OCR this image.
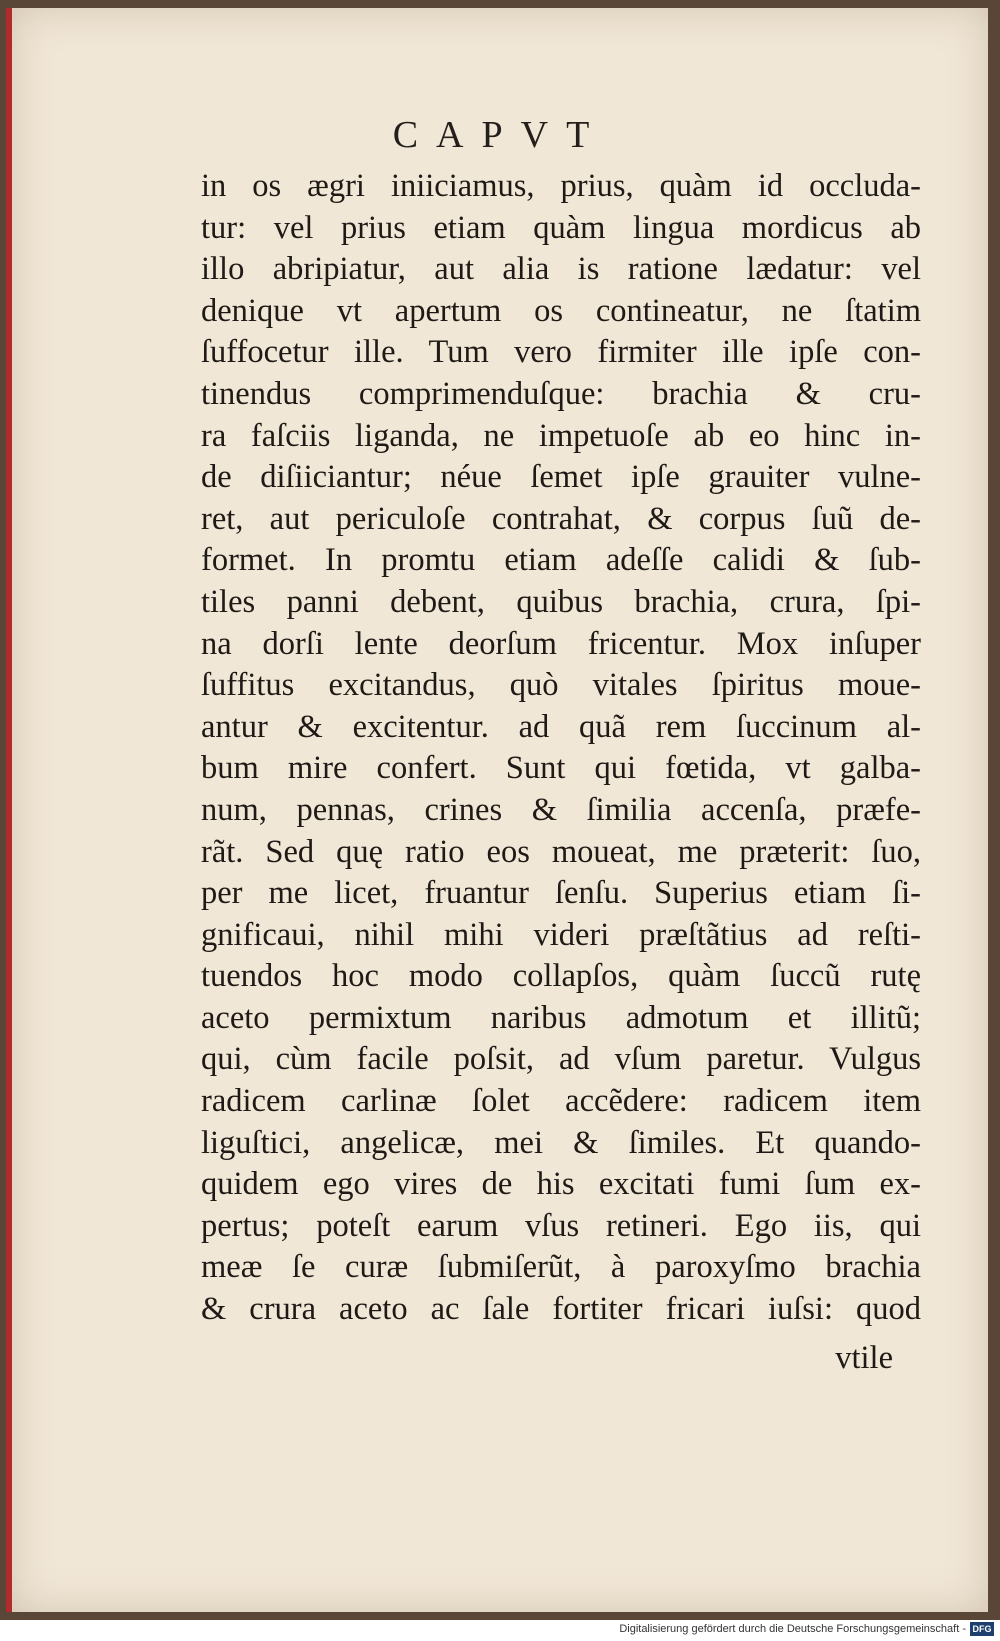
CAPVT
in os ægri iniiciamus, prius, quàm id occluda-
tur: vel prius etiam quàm lingua mordicus ab
illo abripiatur, aut alia is ratione lædatur: vel
denique vt apertum os contineatur, ne ſtatim
ſuffocetur ille. Tum vero firmiter ille ipſe con-
tinendus comprimenduſque: brachia & cru-
ra faſciis liganda, ne impetuoſe ab eo hinc in-
de diſiiciantur; néue ſemet ipſe grauiter vulne-
ret, aut periculoſe contrahat, & corpus ſuũ de-
formet. In promtu etiam adeſſe calidi & ſub-
tiles panni debent, quibus brachia, crura, ſpi-
na dorſi lente deorſum fricentur. Mox inſuper
ſuffitus excitandus, quò vitales ſpiritus moue-
antur & excitentur. ad quã rem ſuccinum al-
bum mire confert. Sunt qui fœtida, vt galba-
num, pennas, crines & ſimilia accenſa, præfe-
rãt. Sed quę ratio eos moueat, me præterit: ſuo,
per me licet, fruantur ſenſu. Superius etiam ſi-
gnificaui, nihil mihi videri præſtãtius ad reſti-
tuendos hoc modo collapſos, quàm ſuccũ rutę
aceto permixtum naribus admotum et illitũ;
qui, cùm facile poſsit, ad vſum paretur. Vulgus
radicem carlinæ ſolet accẽdere: radicem item
liguſtici, angelicæ, mei & ſimiles. Et quando-
quidem ego vires de his excitati fumi ſum ex-
pertus; poteſt earum vſus retineri. Ego iis, qui
meæ ſe curæ ſubmiſerũt, à paroxyſmo brachia
& crura aceto ac ſale fortiter fricari iuſsi: quod
vtile
Digitalisierung gefördert durch die Deutsche Forschungsgemeinschaft - DFG
